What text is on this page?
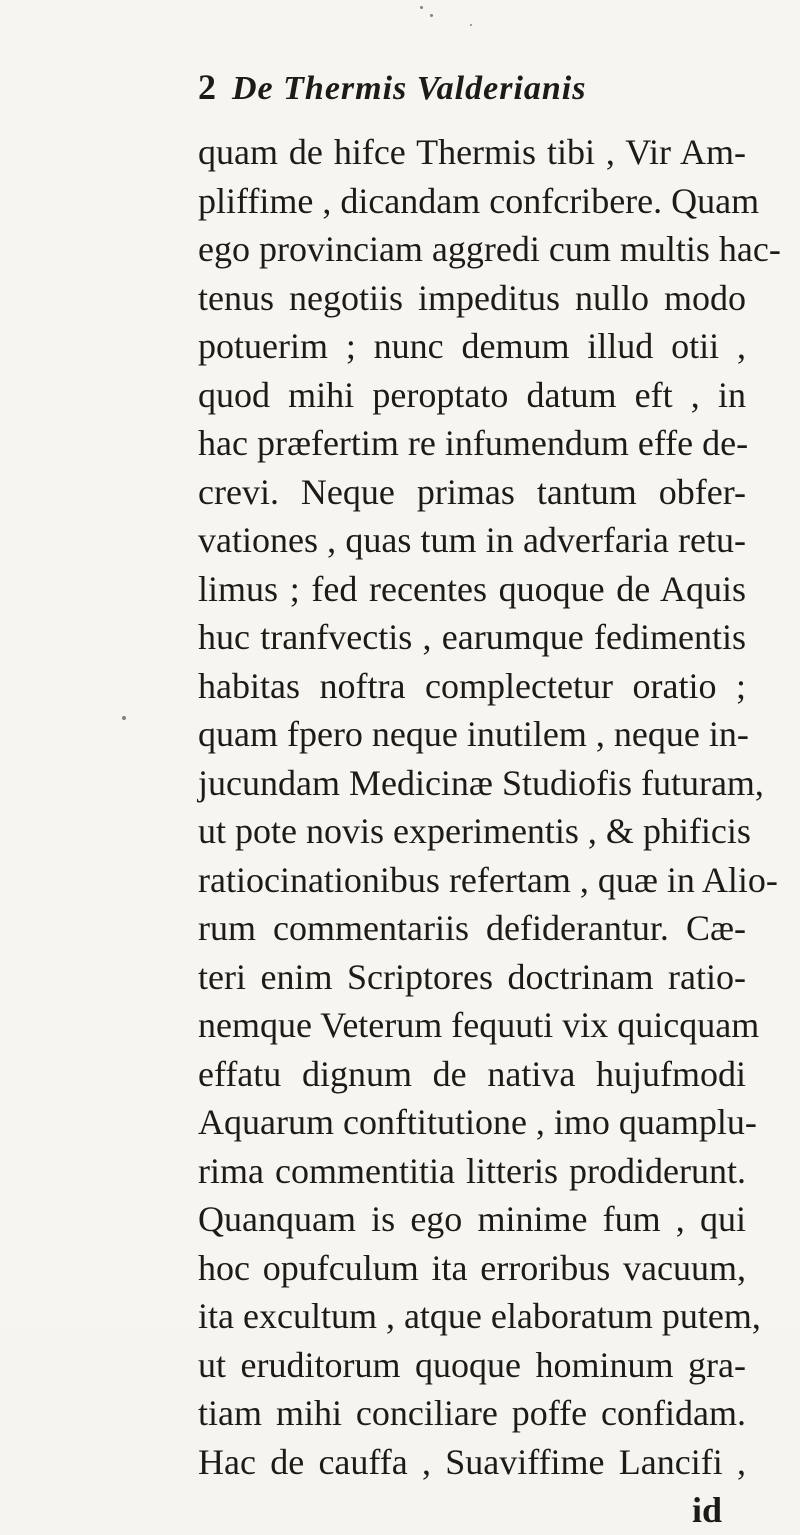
2 De Thermis Valderianis
quam de hifce Thermis tibi , Vir Am-
pliffime , dicandam confcribere. Quam
ego provinciam aggredi cum multis hac-
tenus negotiis impeditus nullo modo
potuerim ; nunc demum illud otii ,
quod mihi peroptato datum eft , in
hac præfertim re infumendum effe de-
crevi. Neque primas tantum obfer-
vationes , quas tum in adverfaria retu-
limus ; fed recentes quoque de Aquis
huc tranfvectis , earumque fedimentis
habitas noftra complectetur oratio ;
quam fpero neque inutilem , neque in-
jucundam Medicinæ Studiofis futuram,
ut pote novis experimentis , & phificis
ratiocinationibus refertam , quæ in Alio-
rum commentariis defiderantur. Cæ-
teri enim Scriptores doctrinam ratio-
nemque Veterum fequuti vix quicquam
effatu dignum de nativa hujufmodi
Aquarum conftitutione , imo quamplu-
rima commentitia litteris prodiderunt.
Quanquam is ego minime fum , qui
hoc opufculum ita erroribus vacuum,
ita excultum , atque elaboratum putem,
ut eruditorum quoque hominum gra-
tiam mihi conciliare poffe confidam.
Hac de cauffa , Suaviffime Lancifi ,
id
